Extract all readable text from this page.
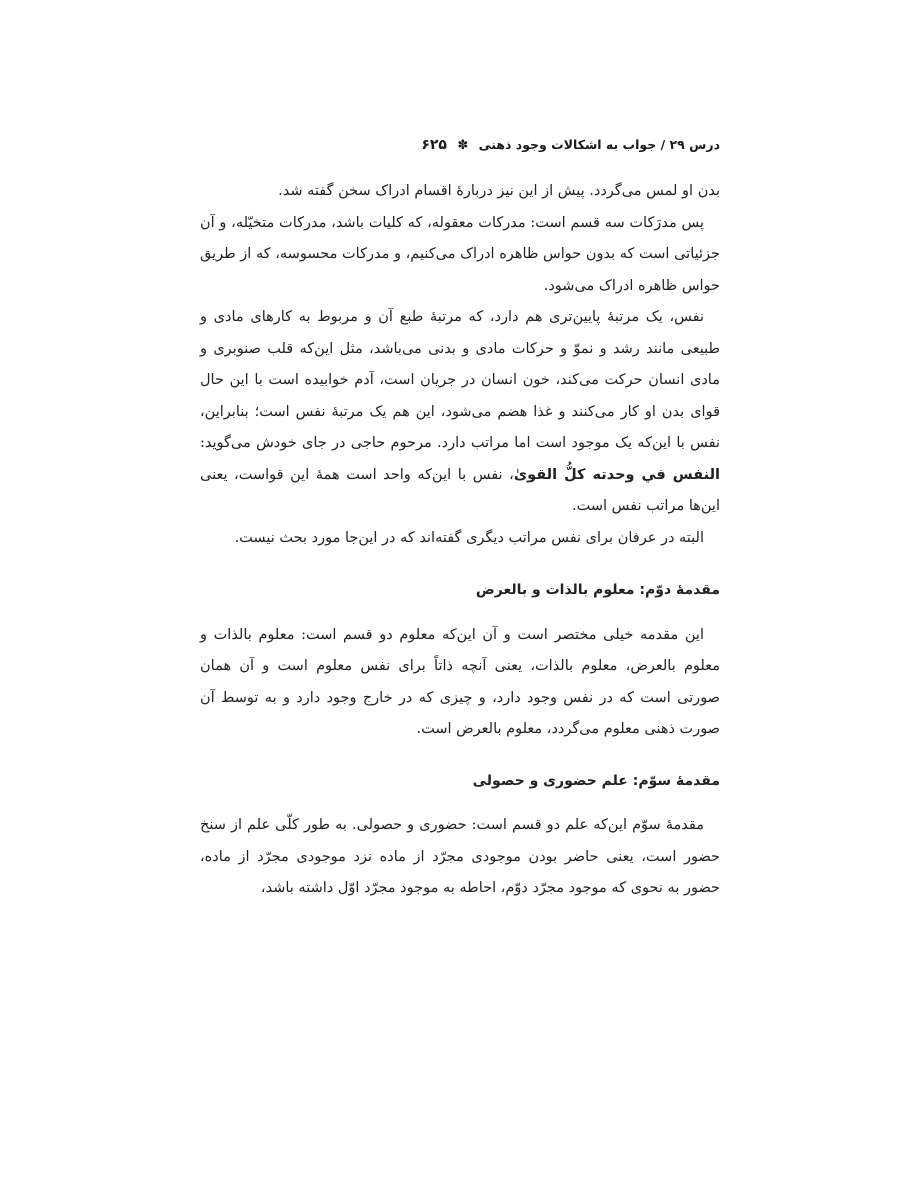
درس ۲۹ / جواب به اشکالات وجود ذهنی ✽ ۶۲۵

بدن او لمس می‌گردد. پیش از این نیز دربارهٔ اقسام ادراک سخن گفته شد.

پس مدرَکات سه قسم است: مدرکات معقوله، که کلیات باشد، مدرکات متخیّله، و آن جزئیاتی است که بدون حواس ظاهره ادراک می‌کنیم، و مدرکات محسوسه، که از طریق حواس ظاهره ادراک می‌شود.

نفس، یک مرتبهٔ پایین‌تری هم دارد، که مرتبهٔ طبع آن و مربوط به کارهای مادی و طبیعی مانند رشد و نموّ و حرکات مادی و بدنی می‌باشد، مثل این‌که قلب صنوبری و مادی انسان حرکت می‌کند، خون انسان در جریان است، آدم خوابیده است با این حال قوای بدن او کار می‌کنند و غذا هضم می‌شود، این هم یک مرتبهٔ نفس است؛ بنابراین، نفس با این‌که یک موجود است اما مراتب دارد. مرحوم حاجی در جای خودش می‌گوید: النفس في وحدته كلُّ القوىٰ، نفس با این‌که واحد است همهٔ این قواست، یعنی این‌ها مراتب نفس است.

البته در عرفان برای نفس مراتب دیگری گفته‌اند که در این‌جا مورد بحث نیست.

مقدمهٔ دوّم: معلوم بالذات و بالعرض

این مقدمه خیلی مختصر است و آن این‌که معلوم دو قسم است: معلوم بالذات و معلوم بالعرض، معلوم بالذات، یعنی آنچه ذاتاً برای نفس معلوم است و آن همان صورتی است که در نفس وجود دارد، و چیزی که در خارج وجود دارد و به توسط آن صورت ذهنی معلوم می‌گردد، معلوم بالعرض است.

مقدمهٔ سوّم: علم حضوری و حصولی

مقدمهٔ سوّم این‌که علم دو قسم است: حضوری و حصولی. به طور کلّی علم از سنخ حضور است، یعنی حاضر بودن موجودی مجرّد از ماده نزد موجودی مجرّد از ماده، حضور به نحوی که موجود مجرّد دوّم، احاطه به موجود مجرّد اوّل داشته باشد،
